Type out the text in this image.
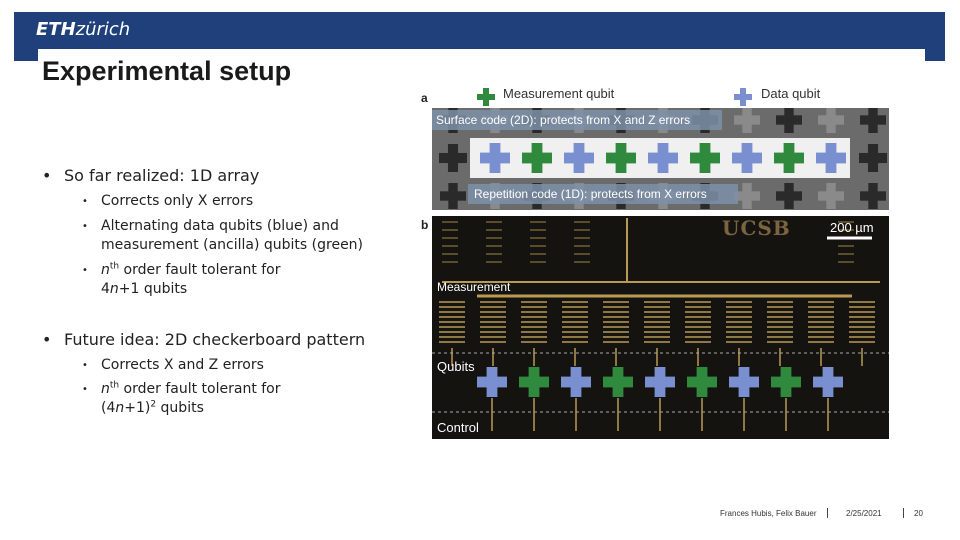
ETHzürich
Experimental setup
• So far realized: 1D array
• Corrects only X errors
• Alternating data qubits (blue) and
measurement (ancilla) qubits (green)
• $n^{th}$ order fault tolerant for
4n+1 qubits
• Future idea: 2D checkerboard pattern
• Corrects X and Z errors
• $n^{th}$ order fault tolerant for
$(4n+1)^2$ qubits
a
b
Measurement qubit	Data qubit
Surface code (2D): protects from X and Z errors
Repetition code (1D): protects from X errors
UCSB	200 µm
Measurement
Qubits
Control
Frances Hubis, Felix Bauer	2/25/2021	20
